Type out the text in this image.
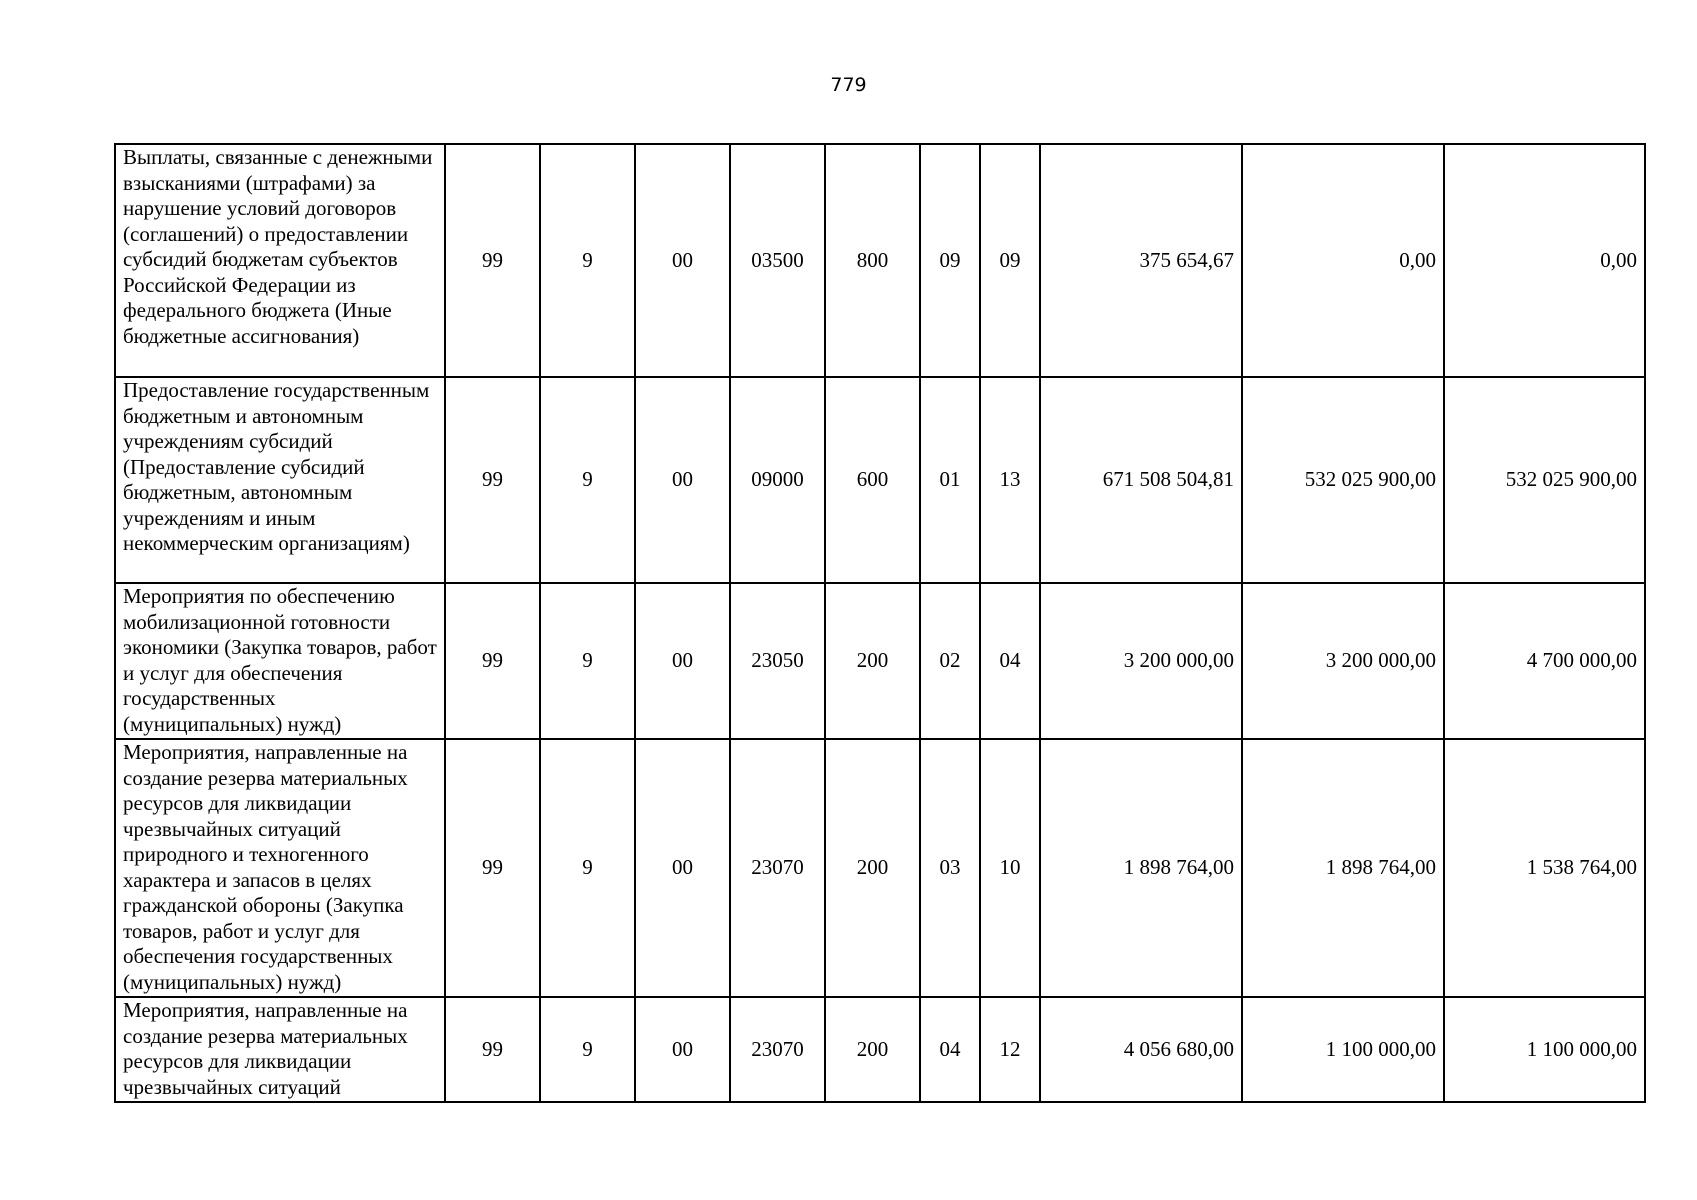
779
Выплаты, связанные с денежными взысканиями (штрафами) за нарушение условий договоров (соглашений) о предоставлении субсидий бюджетам субъектов Российской Федерации из федерального бюджета (Иные бюджетные ассигнования)	99	9	00	03500	800	09	09	375 654,67	0,00	0,00
Предоставление государственным бюджетным и автономным учреждениям субсидий (Предоставление субсидий бюджетным, автономным учреждениям и иным некоммерческим организациям)	99	9	00	09000	600	01	13	671 508 504,81	532 025 900,00	532 025 900,00
Мероприятия по обеспечению мобилизационной готовности экономики (Закупка товаров, работ и услуг для обеспечения государственных (муниципальных) нужд)	99	9	00	23050	200	02	04	3 200 000,00	3 200 000,00	4 700 000,00
Мероприятия, направленные на создание резерва материальных ресурсов для ликвидации чрезвычайных ситуаций природного и техногенного характера и запасов в целях гражданской обороны (Закупка товаров, работ и услуг для обеспечения государственных (муниципальных) нужд)	99	9	00	23070	200	03	10	1 898 764,00	1 898 764,00	1 538 764,00
Мероприятия, направленные на создание резерва материальных ресурсов для ликвидации чрезвычайных ситуаций	99	9	00	23070	200	04	12	4 056 680,00	1 100 000,00	1 100 000,00
